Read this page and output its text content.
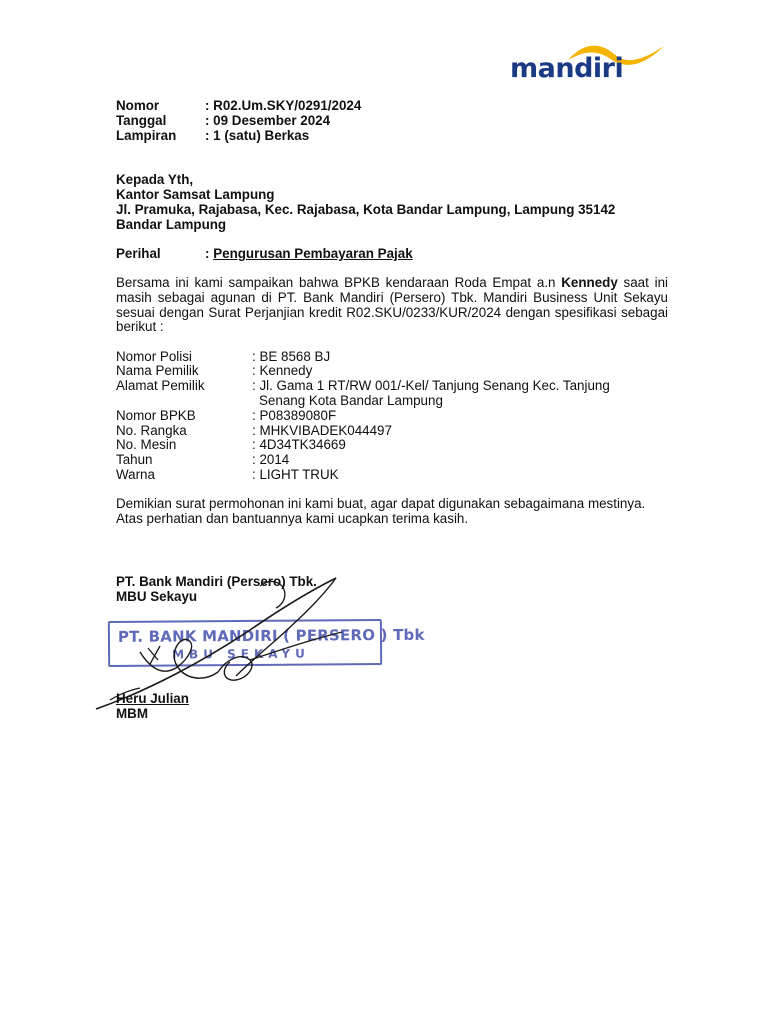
mandiri
Nomor	: R02.Um.SKY/0291/2024
Tanggal	: 09 Desember 2024
Lampiran : 1 (satu) Berkas
Kepada Yth,
Kantor Samsat Lampung
Jl. Pramuka, Rajabasa, Kec. Rajabasa, Kota Bandar Lampung, Lampung 35142
Bandar Lampung
Perihal	: Pengurusan Pembayaran Pajak
Bersama ini kami sampaikan bahwa BPKB kendaraan Roda Empat a.n Kennedy saat ini masih sebagai agunan di PT. Bank Mandiri (Persero) Tbk. Mandiri Business Unit Sekayu sesuai dengan Surat Perjanjian kredit R02.SKU/0233/KUR/2024 dengan spesifikasi sebagai berikut :
Nomor Polisi	: BE 8568 BJ
Nama Pemilik	: Kennedy
Alamat Pemilik	: Jl. Gama 1 RT/RW 001/-Kel/ Tanjung Senang Kec. Tanjung
Senang Kota Bandar Lampung
Nomor BPKB	: P08389080F
No. Rangka	: MHKVIBADEK044497
No. Mesin	: 4D34TK34669
Tahun	: 2014
Warna	: LIGHT TRUK
Demikian surat permohonan ini kami buat, agar dapat digunakan sebagaimana mestinya.
Atas perhatian dan bantuannya kami ucapkan terima kasih.
PT. Bank Mandiri (Persero) Tbk.
MBU Sekayu
PT. BANK MANDIRI ( PERSERO ) Tbk
MBU SEKAYU
Heru Julian
MBM
